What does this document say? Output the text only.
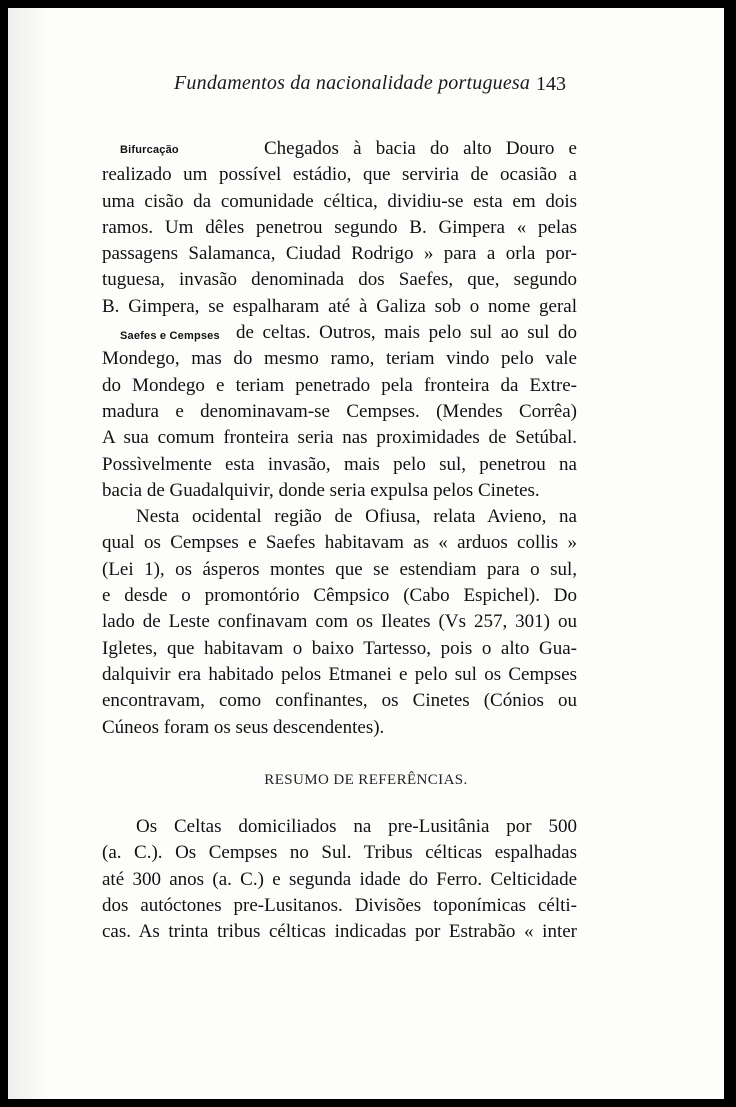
Fundamentos da nacionalidade portuguesa 143
Bifurcação
Saefes e Cempses
Chegados à bacia do alto Douro e
realizado um possível estádio, que serviria de ocasião a
uma cisão da comunidade céltica, dividiu-se esta em dois
ramos. Um dêles penetrou segundo B. Gimpera « pelas
passagens Salamanca, Ciudad Rodrigo » para a orla por-
tuguesa, invasão denominada dos Saefes, que, segundo
B. Gimpera, se espalharam até à Galiza sob o nome geral
de celtas. Outros, mais pelo sul ao sul do
Mondego, mas do mesmo ramo, teriam vindo pelo vale
do Mondego e teriam penetrado pela fronteira da Extre-
madura e denominavam-se Cempses. (Mendes Corrêa)
A sua comum fronteira seria nas proximidades de Setúbal.
Possìvelmente esta invasão, mais pelo sul, penetrou na
bacia de Guadalquivir, donde seria expulsa pelos Cinetes.
Nesta ocidental região de Ofiusa, relata Avieno, na
qual os Cempses e Saefes habitavam as « arduos collis »
(Lei 1), os ásperos montes que se estendiam para o sul,
e desde o promontório Cêmpsico (Cabo Espichel). Do
lado de Leste confinavam com os Ileates (Vs 257, 301) ou
Igletes, que habitavam o baixo Tartesso, pois o alto Gua-
dalquivir era habitado pelos Etmanei e pelo sul os Cempses
encontravam, como confinantes, os Cinetes (Cónios ou
Cúneos foram os seus descendentes).
RESUMO DE REFERÊNCIAS.
Os Celtas domiciliados na pre-Lusitânia por 500
(a. C.). Os Cempses no Sul. Tribus célticas espalhadas
até 300 anos (a. C.) e segunda idade do Ferro. Celticidade
dos autóctones pre-Lusitanos. Divisões toponímicas célti-
cas. As trinta tribus célticas indicadas por Estrabão « inter
